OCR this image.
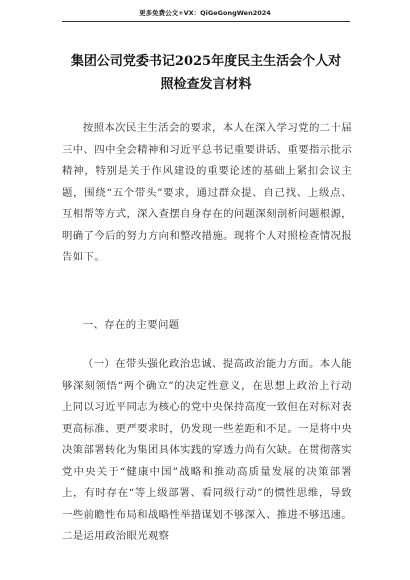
更多免费公文+VX：QiGeGongWen2024
集团公司党委书记2025年度民主生活会个人对照检查发言材料
按照本次民主生活会的要求，本人在深入学习党的二十届三中、四中全会精神和习近平总书记重要讲话、重要指示批示精神，特别是关于作风建设的重要论述的基础上紧扣会议主题，围绕“五个带头”要求，通过群众提、自己找、上级点、互相帮等方式，深入查摆自身存在的问题深刻剖析问题根源，明确了今后的努力方向和整改措施。现将个人对照检查情况报告如下。
一、存在的主要问题
（一）在带头强化政治忠诚、提高政治能力方面。本人能够深刻领悟“两个确立”的决定性意义，在思想上政治上行动上同以习近平同志为核心的党中央保持高度一致但在对标对表更高标准、更严要求时，仍发现一些差距和不足。一是将中央决策部署转化为集团具体实践的穿透力尚有欠缺。在贯彻落实党中央关于“健康中国”战略和推动高质量发展的决策部署上，有时存在“等上级部署、看同级行动”的惯性思维，导致一些前瞻性布局和战略性举措谋划不够深入、推进不够迅速。二是运用政治眼光观察
